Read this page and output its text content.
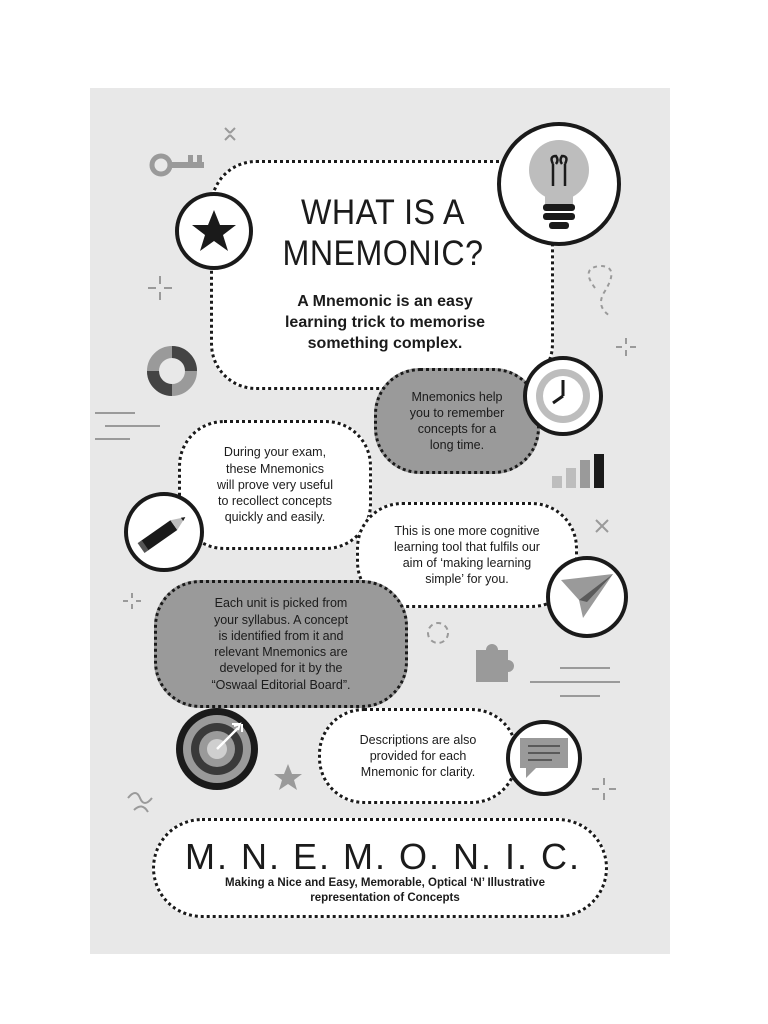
WHAT IS A
MNEMONIC?
A Mnemonic is an easy
learning trick to memorise
something complex.
Mnemonics help
you to remember
concepts for a
long time.
During your exam,
these Mnemonics
will prove very useful
to recollect concepts
quickly and easily.
This is one more cognitive
learning tool that fulfils our
aim of ‘making learning
simple’ for you.
Each unit is picked from
your syllabus. A concept
is identified from it and
relevant Mnemonics are
developed for it by the
“Oswaal Editorial Board”.
Descriptions are also
provided for each
Mnemonic for clarity.
M. N. E. M. O. N. I. C.
Making a Nice and Easy, Memorable, Optical ‘N’ Illustrative
representation of Concepts
